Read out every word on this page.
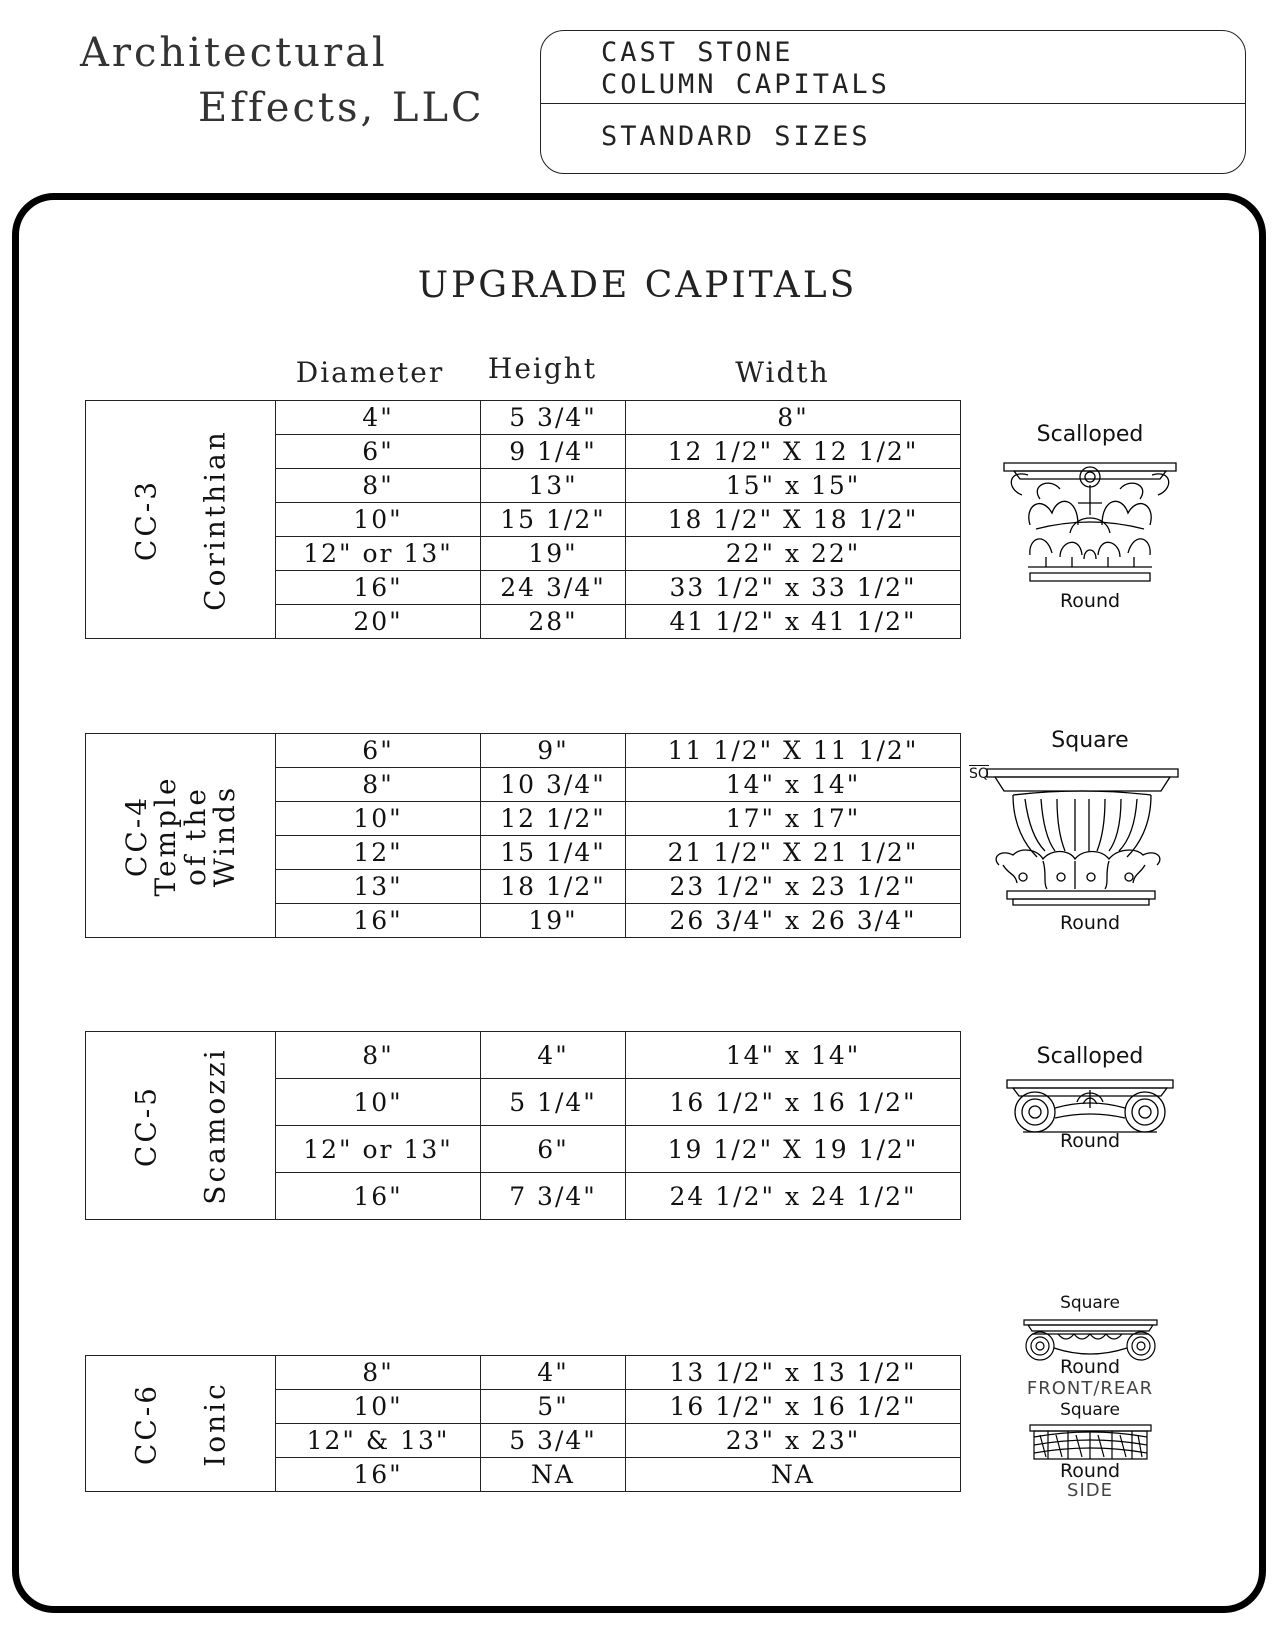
Architectural
Effects, LLC
CAST STONE
COLUMN CAPITALS
STANDARD SIZES
UPGRADE CAPITALS
Diameter	Height	Width
CC-3 Corinthian	4"	5 3/4"	8"
	6"	9 1/4"	12 1/2" X 12 1/2"
	8"	13"	15" x 15"
	10"	15 1/2"	18 1/2" X 18 1/2"
	12" or 13"	19"	22" x 22"
	16"	24 3/4"	33 1/2" x 33 1/2"
	20"	28"	41 1/2" x 41 1/2"
CC-4
Temple
of the
Winds	6"	9"	11 1/2" X 11 1/2"
	8"	10 3/4"	14" x 14"
	10"	12 1/2"	17" x 17"
	12"	15 1/4"	21 1/2" X 21 1/2"
	13"	18 1/2"	23 1/2" x 23 1/2"
	16"	19"	26 3/4" x 26 3/4"
CC-5 Scamozzi	8"	4"	14" x 14"
	10"	5 1/4"	16 1/2" x 16 1/2"
	12" or 13"	6"	19 1/2" X 19 1/2"
	16"	7 3/4"	24 1/2" x 24 1/2"
CC-6 Ionic	8"	4"	13 1/2" x 13 1/2"
	10"	5"	16 1/2" x 16 1/2"
	12" & 13"	5 3/4"	23" x 23"
	16"	NA	NA
Scalloped
Round
Square
$\overline{SQ}$
Round
Scalloped
Round
Square
Round
FRONT/REAR
Square
Round
SIDE
